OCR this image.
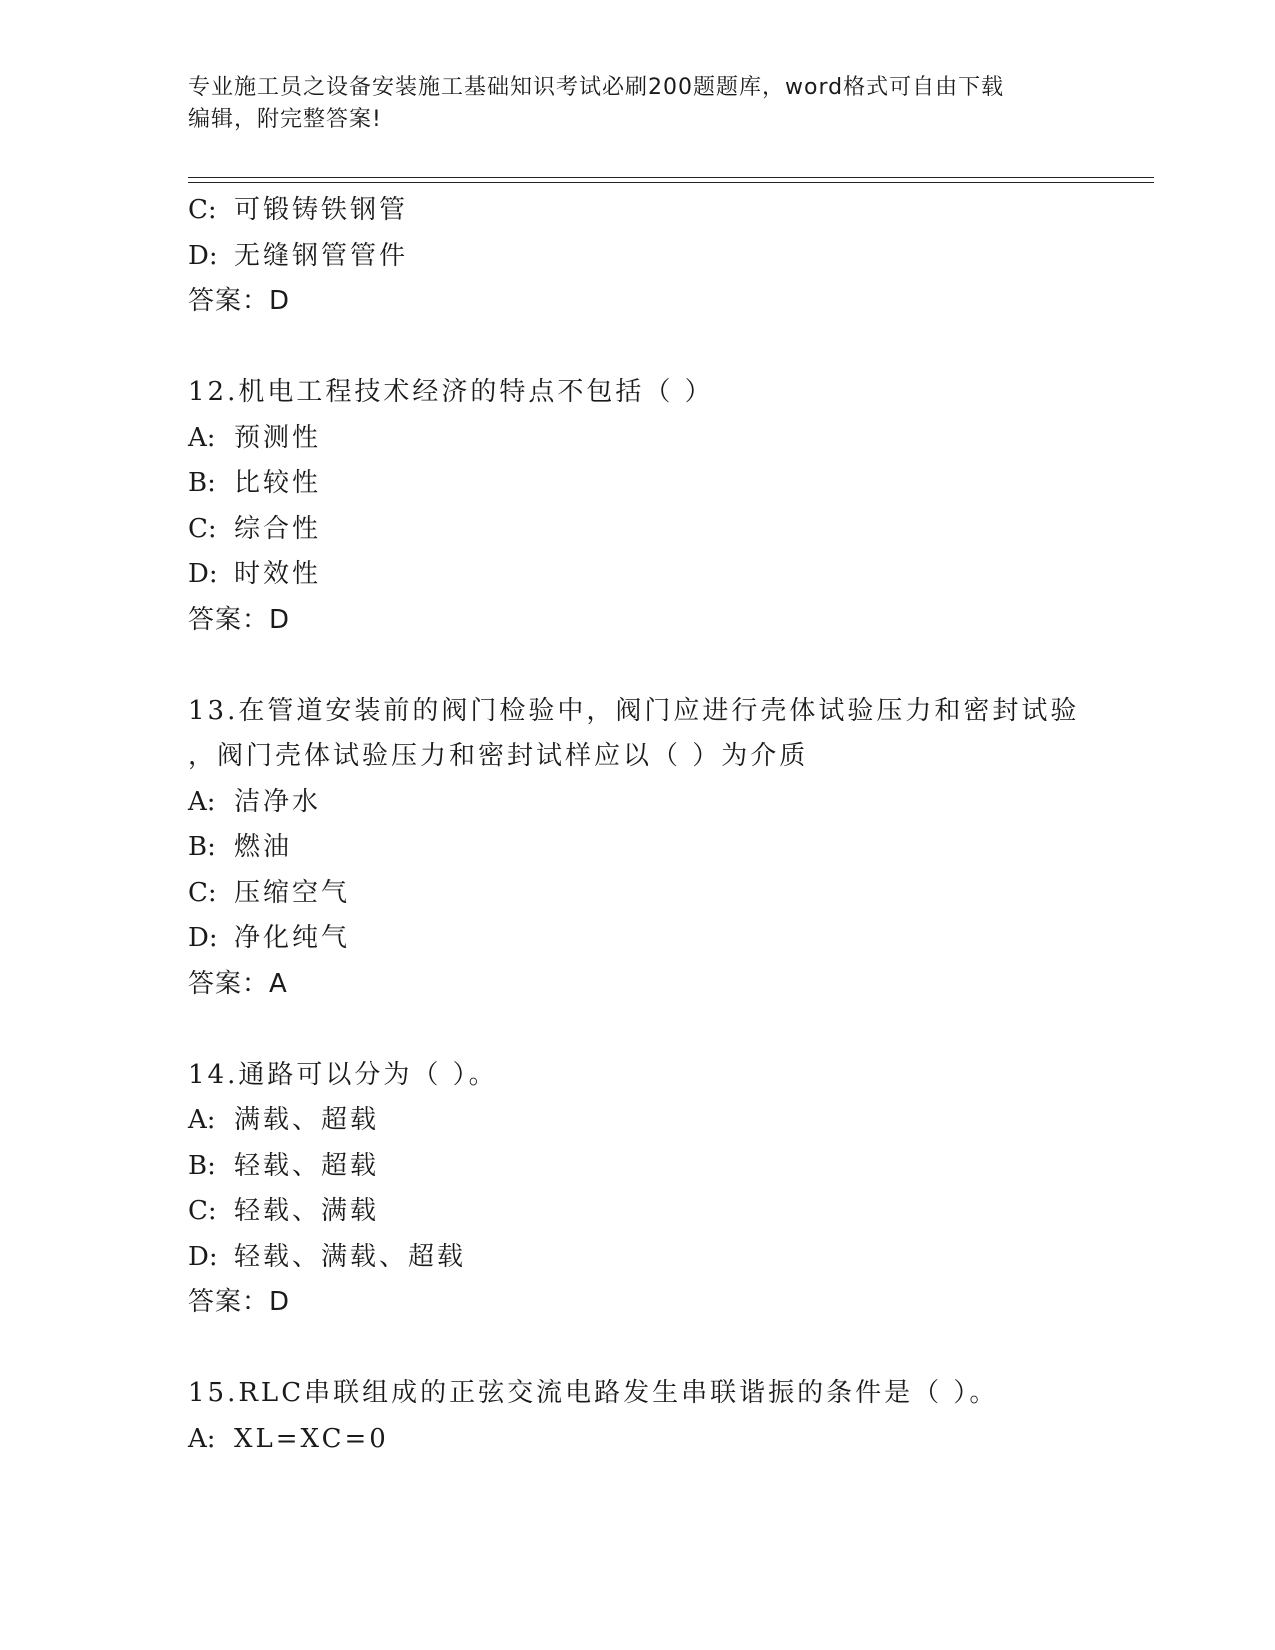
专业施工员之设备安装施工基础知识考试必刷200题题库，word格式可自由下载
编辑，附完整答案!
C: 可锻铸铁钢管
D: 无缝钢管管件
答案：D
12.机电工程技术经济的特点不包括（ ）
A: 预测性
B: 比较性
C: 综合性
D: 时效性
答案：D
13.在管道安装前的阀门检验中，阀门应进行壳体试验压力和密封试验
，阀门壳体试验压力和密封试样应以（ ）为介质
A: 洁净水
B: 燃油
C: 压缩空气
D: 净化纯气
答案：A
14.通路可以分为（ ）。
A: 满载、超载
B: 轻载、超载
C: 轻载、满载
D: 轻载、满载、超载
答案：D
15.RLC串联组成的正弦交流电路发生串联谐振的条件是（ ）。
A: XL=XC=0
